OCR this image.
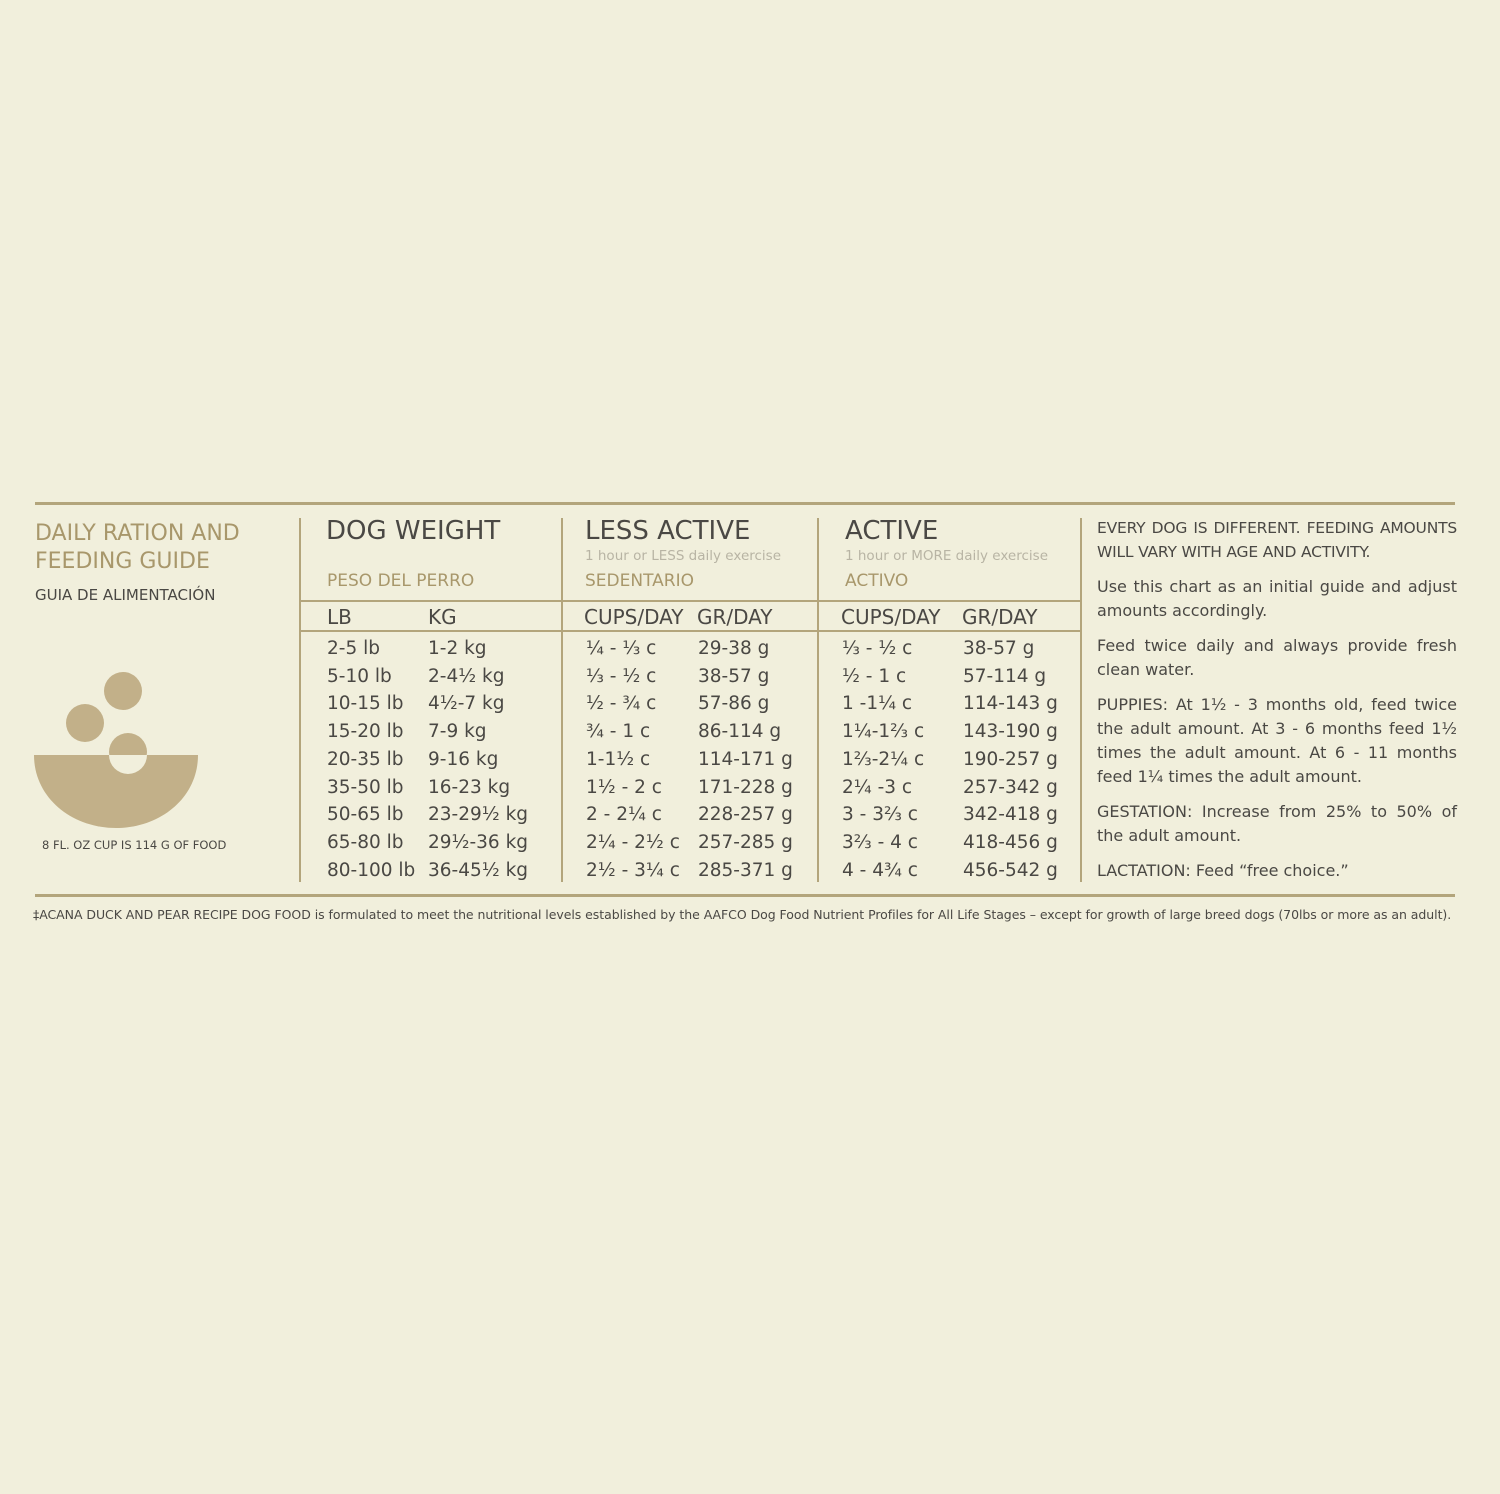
DAILY RATION AND
FEEDING GUIDE
GUIA DE ALIMENTACIÓN
8 FL. OZ CUP IS 114 G OF FOOD
DOG WEIGHT
PESO DEL PERRO
LB	KG
LESS ACTIVE
1 hour or LESS daily exercise
SEDENTARIO
CUPS/DAY GR/DAY
ACTIVE
1 hour or MORE daily exercise
ACTIVO
CUPS/DAY GR/DAY
2-5 lb	1-2 kg	¼ - ⅓ c 29-38 g	⅓ - ½ c	38-57 g
5-10 lb 2-4½ kg	⅓ - ½ c 38-57 g	½ - 1 c	57-114 g
10-15 lb 4½-7 kg	½ - ¾ c 57-86 g	1 -1¼ c	114-143 g
15-20 lb 7-9 kg	¾ - 1 c	86-114 g	1¼-1⅔ c 143-190 g
20-35 lb 9-16 kg	1-1½ c	114-171 g	1⅔-2¼ c 190-257 g
35-50 lb 16-23 kg	1½ - 2 c 171-228 g	2¼ -3 c	257-342 g
50-65 lb 23-29½ kg	2 - 2¼ c 228-257 g	3 - 3⅔ c 342-418 g
65-80 lb 29½-36 kg	2¼ - 2½ c 257-285 g	3⅔ - 4 c 418-456 g
80-100 lb 36-45½ kg	2½ - 3¼ c 285-371 g	4 - 4¾ c 456-542 g

EVERY DOG IS DIFFERENT. FEEDING AMOUNTS WILL VARY WITH AGE AND ACTIVITY.

Use this chart as an initial guide and adjust amounts accordingly.

Feed twice daily and always provide fresh clean water.

PUPPIES: At 1½ - 3 months old, feed twice the adult amount. At 3 - 6 months feed 1½ times the adult amount. At 6 - 11 months feed 1¼ times the adult amount.

GESTATION: Increase from 25% to 50% of the adult amount.

LACTATION: Feed “free choice.”

‡ACANA DUCK AND PEAR RECIPE DOG FOOD is formulated to meet the nutritional levels established by the AAFCO Dog Food Nutrient Profiles for All Life Stages – except for growth of large breed dogs (70lbs or more as an adult).
